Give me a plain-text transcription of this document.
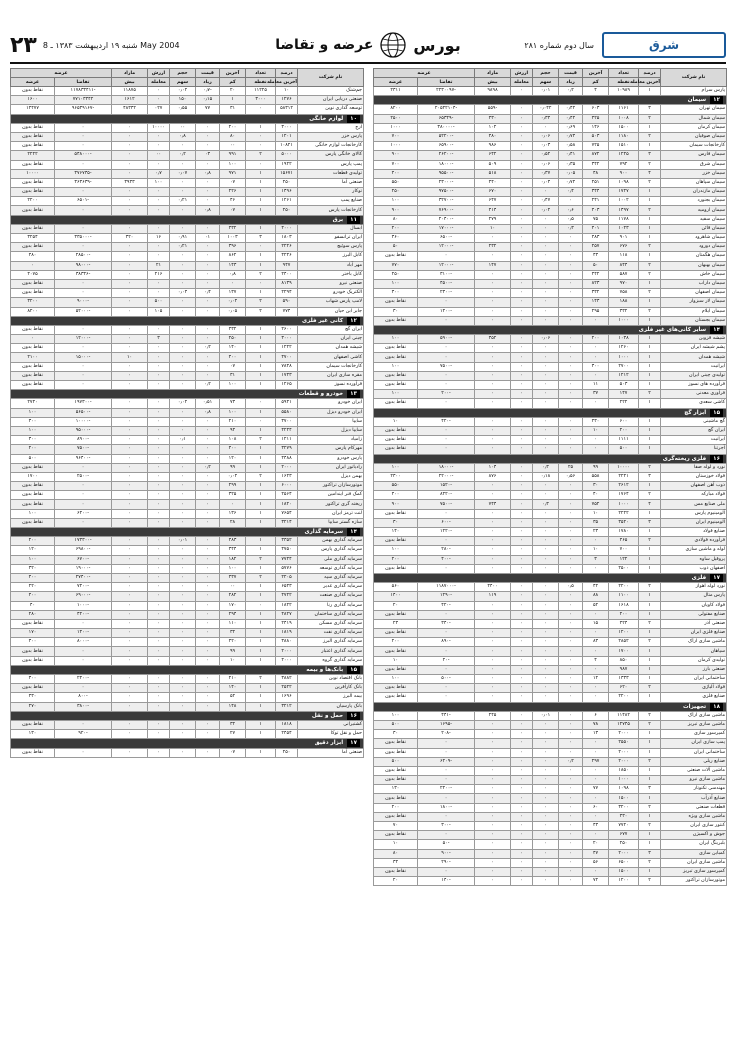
۲۳ شنبه ۱۹ اردیبهشت ۱۳۸۳ ـ 8 May 2004	عرضه و تقاضا	بورس	سال دوم شماره ۲۸۱	شرق
نام شرکت	درصد	تعداد	آخرین	قیمت	حجم	ارزش	مازاد	عرضه	
	آخرین معامله	نقطه	کم	زیاد	سهم	معامله	بیش	تقاضا	عرضه
جم‌شتک	۱۰	۱۱۲۲۵	۲۰	-۰٫۷	۰٫۰۲	۰	۱۱۸۷۵	-۱۱۷۸۳۳۴۱۱	نقاط بدون
صنعتی دریایی ایران	۱۲۷۶	۳۰۰۰	۱	۰٫۱۵	۱۵۰	۰	۱۶۱۲	۷۷۱۰۳۴۴۲	۱۶۰۰
توسعه گذاری نوین	۵۸۳۱۲	۰	۳۱	۷۷	۰٫۵۵	۰۲۷	۴۸۳۳۲	-۹۶۵۳۹۱۶۷	۱۴۴۷۷
۱۰لوازم خانگی									
ارج	۳۰۰۰	۱	۲۰۰	۰	۰۰	۱۰۰۰۰	۰	۰	نقاط بدون
پارس خزر	۱۲۰۱	۰	۸۰	۰	۰٫۸	۰	۰	۰	نقاط بدون
کارخانجات لوازم خانگی	۱۰۸۲۱	۰	۰۰	۰	۰	۰	۰	۰	نقاط بدون
کالای خانگی پارس	۵۰۰۰	۲	۹۹۱	۰۳	۰٫۲	۰۰	۰	-۵۴۸۰۰۰	۲۲۲۲
پمپ پارس	۱۹۲۲	۰	۱۰۰	۰	۰	۰	۰	۰	نقاط بدون
تولیدی قطعات	۱۵۶۷۱	۱	۹۷۱	۰٫۸	۰٫۰۷	۰٫۷	۰	-۳۷۶۷۳۵	۱۰۰۰۰
صنعتی آما	۲۵۰	۱	۰۷	۰	۰	۱۰۰	۳۹۳۳	-۳۶۳۶۳۹	نقاط بدون
توکار	۱۴۹۶	۱	۲۲۶	۰	۰	۰	۰	۰	نقاط بدون
صنایع پمپ	۱۲۶۱	۱	۴۶	۰	۰٫۲۱	۰	۰	-۶۵۰۱	۲۲۰۰
کارخانجات پارس	۲۵۰	۱	۰۷	۰٫۸	۰	۰	۰	۰	نقاط بدون
۱۱برق									
آبسال	۴۰۰۰	۱	۴۳۲	۰	۰	۰	۰	۰	نقاط بدون
ایران ترانسفو	۱۸۰۳	۳	۱۰۰۳	۰۱	۰٫۹۱	۱۶	۳۲۰	-۳۳۵۰۰۰	۳۲۵۴
پارس سوئیچ	۲۲۲۶	۰	۳۹۶	۰	۰٫۲۱	۰	۰	۰	نقاط بدون
کابل البرز	۴۲۴۶	۱	۸۶۲	۰	۰	۰	۰	-۲۸۵۰۰	۴۸۰
مهر آباد	۹۴۷	۱	۱۴۳	۰	۰	۲۱	۰	-۹۸۰۰۰	۰
کابل باختر	۲۴۰۰	۲	۰٫۸	۰	۰	۲۱۶	۰	-۳۸۳۳۶	۴۰۷۵
صنعتی نیرو	۸۱۳۹	۰	۰	۰	۰	۰	۰	۰	نقاط بدون
الکتریک خودرو	۲۲۹۴	۱	۱۳۷	۰٫۴	۰٫۰۴	۰	۰	۰	نقاط بدون
لامپ پارس شهاب	۵۹۰	۲	۰٫۰۲	۰	۰	۵۰۰	۰	-۹۰۰۰	۳۲۰۰
جابر ابن حیان	۷۷۴	۲	۰٫۰۵	۰	۰	۱۰۵	۰	-۵۲۰۰۰	۸۲۰۰
۱۲کانی غیر فلزی									
ایران گچ	۲۶۰۰	۱	۴۳۲	۰	۰	۰	۰	۰	نقاط بدون
چینی ایران	۳۰۰۰	۱	۲۵۰	۰	۰	۳	۰	-۱۲۰۰۰	۰
شیشه همدان	۱۲۲۲	۱	۱۴۰	۰٫۲	۰	۰	۰	۰	نقاط بدون
کاشی اصفهان	۴۷۰۰	۱	۴۰۰	۰	۰	۰	۱۰	-۱۵۰۰۰	۲۱۰۰
کارخانجات سیمان	۷۸۴۸	۱	۰۷	۰	۰	۰	۰	۰	نقاط بدون
مقره سازی ایران	۱۷۴۳	۱	۳۱	۰	۰	۰	۰	۰	نقاط بدون
فرآورده نسوز	۱۲۶۵	۱	۱۰۰	۰٫۲	۰	۰	۰	۰	نقاط بدون
۱۳خودرو و قطعات									
ایران خودرو	۵۹۴۱	۰	۷۳	۰٫۵۱	۰٫۰۲	۰	۰	-۱۹۷۳۰۰	۲۷۴۰
ایران خودرو دیزل	۵۵۸۰	۱	۱۰۰	۰٫۸	۰	۰	۰	-۵۶۵۰۰	۱۰۰
سایپا	۳۷۰۰	۰	۲۱۰	۰	۰	۰	۰	-۱۰۰۰۰	۳۰۰
سایپا دیزل	۴۲۴۴	۱	۹۴	۰	۰	۰	۰	-۹۵۰۰۰	۱۰۰
زامیاد	۱۲۱۱	۲	۱۰۸	۰	۰٫۱	۰	۰	-۸۹۰۰	۳۰۰
مهرکام پارس	۳۲۷۹	۱	۴۰۰	۰	۰	۰	۰	-۷۵۰۰	۲۰۰
پارس خودرو	۴۴۸۸	۱	۱۲۰	۰	۰	۰	۰	-۹۶۴۰۰	۵۰۰
رادیاتور ایران	۲۰۰۰	۱	۹۹	۰٫۲	۰	۰	۰	۰	نقاط بدون
بهمن دیزل	۱۶۲۳	۲	۰٫۰۲	۰	۰	۰	۰	-۲۵۰۰	۱۷۰۰
موتورسازان تراکتور	۶۰۰۰	۱	۲۹۹	۰	۰	۰	۰	۰	نقاط بدون
کمک فنر ایندامین	۲۵۶۴	۱	۳۲۵	۰	۰	۰	۰	۰	نقاط بدون
ریخته گری تراکتور	۱۸۲۰	۱	۰	۰	۰	۰	۰	۰	نقاط بدون
لنت ترمز ایران	۷۶۵۴	۱	۱۳۶	۰	۰	۰	۰	-۶۴۰۰	۱۰۰
سازه گستر سایپا	۳۲۱۴	۱	۲۸	۰	۰	۰	۰	۰	نقاط بدون
۱۴سرمایه گذاری									
سرمایه گذاری بهمن	۳۳۵۲	۱	۴۸۳	۰	۰٫۰۱	۰	۰	-۱۷۳۳۰۰	۲۰۰
سرمایه گذاری پارس	۴۷۵۰	۱	۳۴۴	۰	۰	۰	۰	-۶۹۸۰۰	۱۲۰
سرمایه گذاری ملی	۷۷۴۴	۲	۱۸۲	۰	۰	۰	۰	-۶۷۰۰	۱۰۰
سرمایه گذاری توسعه	۵۷۷۶	۱	۱۰۰	۰	۰	۰	۰	-۱۹۰۰۰	۳۲۰
سرمایه گذاری سپه	۲۲۰۵	۲	۴۳۷	۰	۰	۰	۰	-۲۷۴۰۰	۴۰۰
سرمایه گذاری غدیر	۶۵۴۳	۱	۰۰	۰	۰	۰	۰	-۷۴۰۰	۲۲۰
سرمایه گذاری صنعت	۴۷۲۲	۱	۲۸۲	۰	۰	۰	۰	-۶۹۰۰۰	۴۰۰
سرمایه گذاری رنا	۱۸۲۲	۰	۱۷۰	۰	۰	۰	۰	-۱۰۰۰	۴۰
سرمایه گذاری ساختمان	۴۸۲۷	۱	۲۹۴	۰	۰	۰	۰	-۴۲۰۰	۲۸۰
سرمایه گذاری مسکن	۲۴۱۹	۱	۱۱۰	۰	۰	۰	۰	۰	نقاط بدون
سرمایه گذاری نفت	۱۸۱۹	۱	۳۲	۰	۰	۰	۰	-۱۴۰۰	۱۷۰
سرمایه گذاری البرز	۳۸۸۰	۱	۴۲۰	۰	۰	۰	۰	-۸۰۰۰	۳۰۰
سرمایه گذاری اعتبار	۲۰۰۰	۱	۹۹	۰	۰	۰	۰	۰	نقاط بدون
سرمایه گذاری گروه	۴۰۰۰	۱	۱۰	۰	۰	۰	۰	۰	نقاط بدون
۱۵بانک‌ها و بیمه									
بانک اقتصاد نوین	۳۸۸۲	۲	۲۱۰	۰	۰	۰	۰	-۲۴۰۰	۳۰۰
بانک کارآفرین	۲۵۲۲	۱	۱۴۰	۰	۰	۰	۰	۰	نقاط بدون
بیمه البرز	۱۶۹۶	۱	۵۲	۰	۰	۰	۰	-۸۰۰	۴۳۰
بانک پارسیان	۳۲۱۲	۱	۱۴۸	۰	۰	۰	۰	-۳۸۰۰	۲۷۰
۱۶حمل و نقل									
کشتیرانی	۱۸۱۸	۱	۳۲	۰	۰	۰	۰	۰	نقاط بدون
حمل و نقل توکا	۲۴۵۴	۱	۲۷	۰	۰	۰	۰	-۹۲۰	۱۳۰
۱۷ابزار دقیق									
صنعتی آما	۲۵۰	۱	۰۷	۰	۰	۰	۰	۰	نقاط بدون
نام شرکت	درصد	تعداد	آخرین	قیمت	حجم	ارزش	مازاد	عرضه	
	آخرین معامله	نقطه	کم	زیاد	سهم	معامله	بیش	تقاضا	عرضه
پارس سرام	۱	۱۰۹۸۹	۴	۰٫۲	۰٫۰۱	۰	۹۸۹۸	-۲۲۳۰۰۹۷	۲۳۱۱
۱۲سیمان									
سیمان تهران	۳	۱۱۶۱	۶۰۳	۰٫۴۲	۰٫۰۴۲	۰	-۵۵۹	-۲۰۵۴۲۱۰۴	۸۲۰۰
سیمان شمال	۲	۱۰۰۸	۴۲۵	۰٫۴۲	۰٫۳۴	۰	۴۳۰	-۶۵۳۴۹	۲۵۰۰
سیمان کرمان	۱	۱۵۰۰	۱۴۶	۰٫۶۹	۰	۰	۱۰۲	-۳۸۰۰۰۰	۱۰۰۰
سیمان صوفیان	۲	۱۱۸۰	۵۰۳	۰٫۷۴	۰٫۰۶	۰	۴۸۰	-۵۲۲۰۰	۷۰۰
کارخانجات سیمان	۱	۱۵۱۰	۷۲۵	۰٫۵۸	۰٫۰۳	۰	۹۸۶	-۶۵۹۰۰	۱۰۰۰
سیمان فارس	۳	۱۲۴۵	۸۷۲	۰٫۴۱	۰٫۵۲	۰	۶۴۲	-۲۶۲۰۰	۹۰۰
سیمان شرق	۲	۷۹۲	۳۴۲	۰٫۳۵	۰٫۰۶	۰	۵۰۹	-۱۸۰۰۰	۷۰۰
سیمان خزر	۴	۹۰۰	۴۸	۰٫۰۵	۰٫۳۷	۰	۵۱۸	-۹۵۵۰۰	۴۰۰
سیمان سپاهان	۲	۱۰۹۸	۲۵۱	۰٫۷۲	۰٫۰۴	۰	۴۴۰	-۲۳۰۰۰	۵۵۰
سیمان مازندران	۱	۱۷۲۷	۳۴۴	۰٫۴	۰	۰	۶۷۰	-۹۷۵۰۰	۲۵۰
سیمان بجنورد	۱	۱۰۰۲	۲۴۱	۰	۰٫۴۷	۰	۶۴۷	-۳۲۷۰۰	۱۰۰
سیمان ارومیه	۲	۱۴۹۷	۴۰۳	۰٫۶	۰٫۰۲	۰	۴۱۴	-۷۶۹۰۰	۹۰۰
سیمان سفید	۱	۱۱۷۸	۷۵	۰٫۵	۰	۰	۲۷۹	-۲۰۴۰۰	۸۰
سیمان قائن	۱	۱۰۲۳	۴۰۱	۰٫۳	۰	۰	۱۰	-۱۷۰۰۰	۲۰۰
سیمان شاهرود	۱	۹۰۱	۴۸۳	۰	۰	۰	۰	-۶۵۰۰	۳۶۰
سیمان دورود	۲	۶۷۶	۲۵۷	۰	۰	۰	۲۳۲	-۱۲۰۰۰	۵۰
سیمان هگمتان	۱	۱۱۸	۴۳	۰	۰	۰	۰	۰	نقاط بدون
سیمان بهبهان	۲	۸۴۴	۵۰	۰	۰	۰	۱۴۷	-۱۲۰۰۰	۷۷۰
سیمان خاش	۲	۵۸۷	۴۴۲	۰	۰	۰	۰	-۳۱۰۰	۲۵۰
سیمان داراب	۱	۹۷۰	۸۲۳	۰	۰	۰	۰	-۴۵۰۰	۱۰۰
سیمان اصفهان	۲	۷۵۸	۳۳۲	۰	۰	۰	۰	-۲۳۰۰	۳۰۰
سیمان لار سبزوار	۱	۱۸۸	۱۴۳	۰	۰	۰	۰	۰	نقاط بدون
سیمان ایلام	۲	۳۳۲	۲۹۵	۰	۰	۰	۰	-۱۴۰۰	۳۰
سیمان بجستان	۱	۱۰۰۰	۰	۰	۰	۰	۰	۰	نقاط بدون
۱۴سایر کانی‌های غیر فلزی									
شیشه قزوین	۱	۱۰۳۸	۲۰۰	۰	۰٫۰۶	۰	۳۵۲	-۵۹۰۰	۱۰۰
پشم شیشه ایران	۱	۱۲۶۰	۰	۰	۰	۰	۰	۰	نقاط بدون
شیشه همدان	۱	۱۰۰۰	۰	۰	۰	۰	۰	۰	نقاط بدون
ایرانیت	۱	۲۷۰۰	۳۰۰	۰	۰	۰	۰	-۷۵۰۰	۱۰۰
تولیدی چینی ایران	۱	۱۲۱۲	۰	۰	۰	۰	۰	۰	نقاط بدون
فرآورده های نسوز	۱	۵۰۳	۱۱	۰	۰	۰	۰	۰	نقاط بدون
فرآوری معدنی	۲	۱۴۷	۳۷	۰	۰	۰	۰	-۲۰۰	۱۰۰
کاشی سعدی	۱	۲۲۲	۰	۰	۰	۰	۰	۰	نقاط بدون
۱۵ابزار گچ									
گچ ماشینی	۱	۶۰۰	۴۳۰	۰	۰	۰	۰	-۴۲۰	۱۰
ایران گچ	۱	۲۰۰	۱۰	۰	۰	۰	۰	۰	نقاط بدون
ایرانیت	۱	۱۱۱۱	۰	۰	۰	۰	۰	۰	نقاط بدون
آجرتنا	۱	۵۰۰	۰	۰	۰	۰	۰	۰	نقاط بدون
۱۶فلزی ریخته‌گری									
نورد و لوله صفا	۲	۱۰۰۰۰	۹۹	۲۵	۰٫۳	۰	۱۰۴	-۱۸۰۰۰	۱۰۰
فولاد خوزستان	۳	۲۲۴۱	۵۵۸	۰٫۵۶	۰٫۱۸	۰	۸۷۶	-۲۲۰۰۰	۲۳۰۰
ذوب آهن اصفهان	۱	۲۶۱۲	۳۰	۰	۰	۰	۰	-۱۵۲۰	۵۵۰
فولاد مبارکه	۲	۱۷۶۴	۴۰	۰	۰	۰	۰	-۸۴۲۰	۴۰۰
ملی صنایع مس	۴	۱۰۰۰	۷۵۲	۰	۰٫۳	۰	۷۴۴	-۷۵۰۰	۹۰۰
آلومینیوم پارس	۱	۲۲۲۲	۱۰	۰	۰	۰	۰	۰	نقاط بدون
آلومینیوم ایران	۳	۳۵۲۰	۳۵	۰	۰	۰	۰	-۶۰۰	۳۰
صنایع فولاد	۱	۱۷۸۰	۲۳	۰	۰	۰	۰	-۱۲۲۰	۱۴۰
فرآورده فولادی	۲	۴۶۵	۰	۰	۰	۰	۰	۰	نقاط بدون
لوله و ماشین سازی	۱	۷۰۰	۱۰	۰	۰	۰	۰	-۲۸۰	۱۰۰
پروفیل ساوه	۱	۱۲۲	۳	۰	۰	۰	۰	-۴۰۰	۲۰۰
اصفهان ذوب	۱	۲۵۰۰	۰	۰	۰	۰	۰	۰	نقاط بدون
۱۷فلزی									
نورد لوله اهواز	۲	۲۲۰۰	۴۲	۰٫۵	۰	۰	۴۴۰۰	-۱۱۸۷۰۰۰	۵۶۰
پارس متال	۱	۱۱۰۰	۸۸	۰	۰	۰	۱۱۹	-۱۲۹۰	۱۴۰۰
فولاد کاویان	۱	۱۶۱۸	۵۲	۰	۰	۰	۰	-۴۲۰	۲۰
صنایع مفتولی	۱	۲۰۰	۰	۰	۰	۰	۰	۰	نقاط بدون
صنعتی آذر	۲	۴۲۴	۱۵	۰	۰	۰	۰	-۳۴۰	۲۳
صنایع فلزی ایران	۱	۱۲۰۰	۰	۰	۰	۰	۰	۰	نقاط بدون
ماشین سازی اراک	۲	۲۸۵۲	۸۳	۰	۰	۰	۰	-۸۹۰	۲۰۰
سپاهان	۱	۱۷۰۰	۰	۰	۰	۰	۰	۰	نقاط بدون
تولیدی کرمان	۱	۸۵۰	۴	۰	۰	۰	۰	-۲۰	۱۰
صنعتی بارز	۱	۹۸۷	۰	۰	۰	۰	۰	۰	نقاط بدون
ساختمانی ایران	۱	۱۳۳۳	۱۲	۰	۰	۰	۰	-۵۰۰	۱۰۰
فولاد آلیاژی	۲	۶۲۰	۰	۰	۰	۰	۰	۰	نقاط بدون
صنایع فلزی	۱	۲۲۰۰	۰	۰	۰	۰	۰	۰	نقاط بدون
۱۸تجهیزات									
ماشین سازی اراک	۲	۱۱۴۸۲	۶	۰	۰٫۰۱	۰	۲۴۵	-۴۴۱	۱۰۰
ماشین سازی تبریز	۲	۱۲۷۴۵	۷۸	۰	۰	۰	۰	-۱۶۹۵	۵۰۰
کمپرسور سازی	۱	۲۰۰۰	۱۳	۰	۰	۰	۰	-۲۰۸	۳۰
پمپ سازی ایران	۱	۲۵۵۰	۰	۰	۰	۰	۰	۰	نقاط بدون
ساختمانی ایران	۱	۲۰۰۰	۰	۰	۰	۰	۰	۰	نقاط بدون
صنایع ریلی	۲	۲۰۰۰	۲۹۷	۰٫۲	۰	۰	۰	-۶۲۰۹	۵۰۰
ماشین آلات صنعتی	۱	۱۸۵۰	۰	۰	۰	۰	۰	۰	نقاط بدون
ماشین سازی نیرو	۱	۱۰۰۰	۰	۰	۰	۰	۰	۰	نقاط بدون
مهندسی تکنوتار	۳	۱۰۹۸	۷۷	۰	۰	۰	۰	-۲۴۰۰	۱۳۰
صنایع آذرآب	۱	۱۵۰۰	۰	۰	۰	۰	۰	۰	نقاط بدون
قطعات صنعتی	۲	۳۲۰۰	۶۰	۰	۰	۰	۰	-۱۸۰۰	۲۰۰
ماشین سازی ویژه	۱	۴۳۰	۰	۰	۰	۰	۰	۰	نقاط بدون
کنتور سازی ایران	۲	۷۷۲۰	۴۳	۰	۰	۰	۰	-۳۰۰	۷۰
جوش و اکسیژن	۱	۶۷۷	۰	۰	۰	۰	۰	۰	نقاط بدون
بلبرینگ ایران	۱	۲۵۰	۲۰	۰	۰	۰	۰	-۵۰	۱۰
کمباین سازی	۳	۲۰۰۰	۴۷	۰	۰	۰	۰	-۹۰۰	۸۰
ماشین سازی ایران	۲	۶۵۰۰	۵۶	۰	۰	۰	۰	-۲۹۰	۳۴
کمپرسور سازی تبریز	۱	۱۵۰۰	۰	۰	۰	۰	۰	۰	نقاط بدون
موتورسازان تراکتور	۲	۱۲۰۰	۷۲	۰	۰	۰	۰	-۱۴۰	۲۰
